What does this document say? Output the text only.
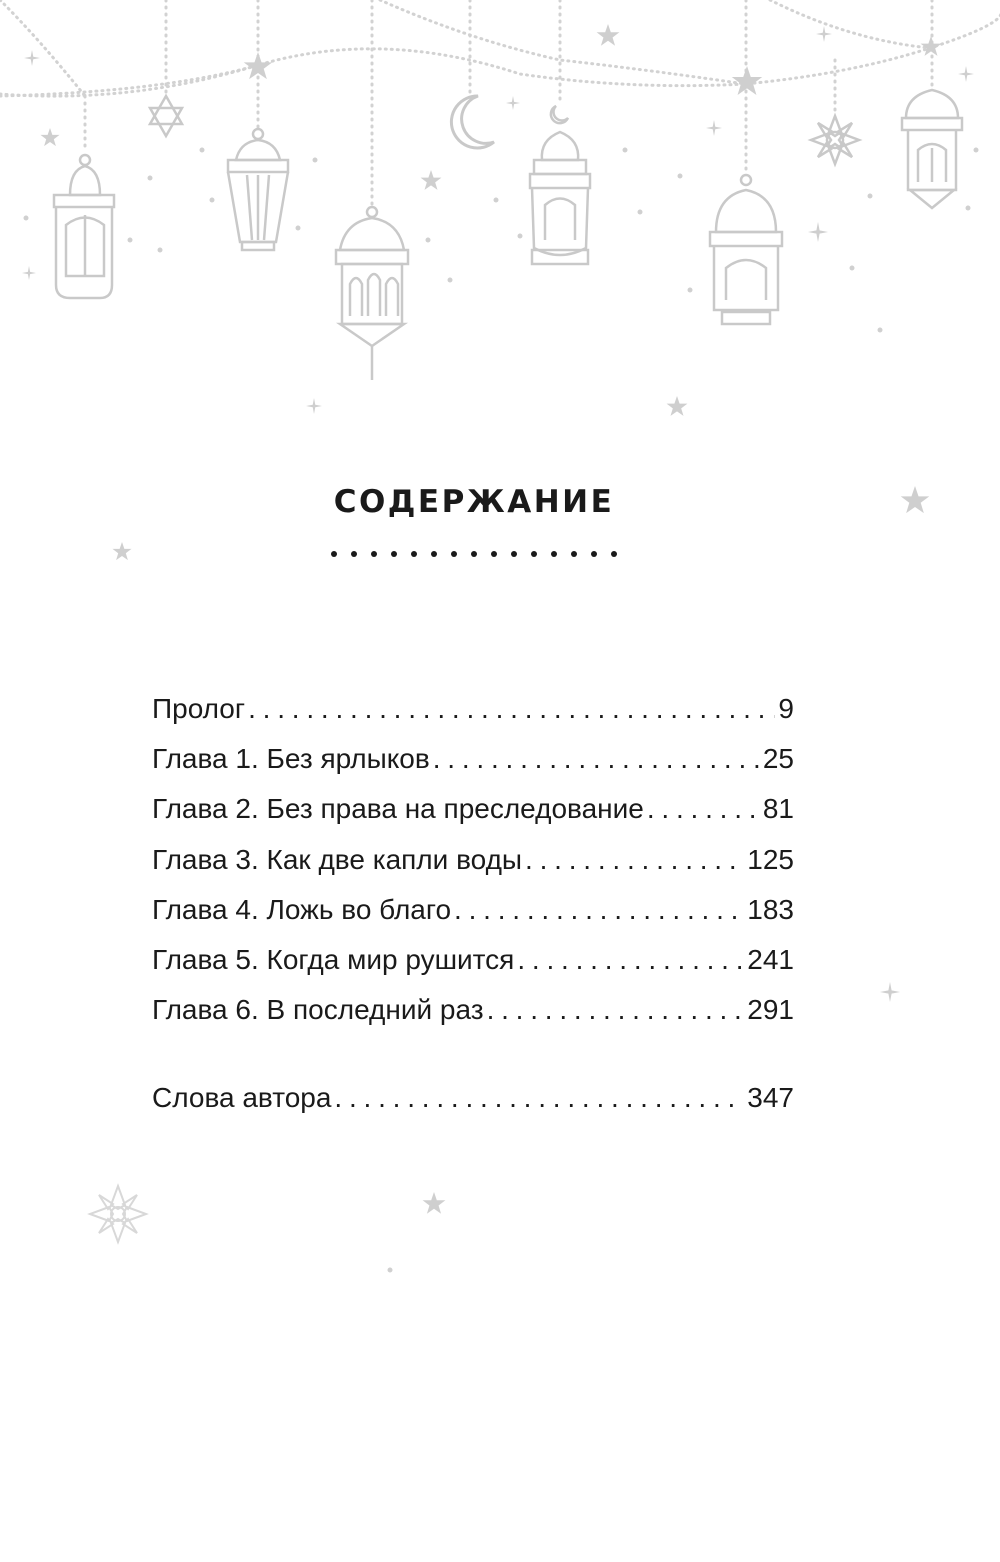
СОДЕРЖАНИЕ
Пролог . . .	9
Глава 1. Без ярлыков . . .	25
Глава 2. Без права на преследование . . .	81
Глава 3. Как две капли воды . . .	125
Глава 4. Ложь во благо . . .	183
Глава 5. Когда мир рушится . . .	241
Глава 6. В последний раз . . .	291
Слова автора . . .	347
